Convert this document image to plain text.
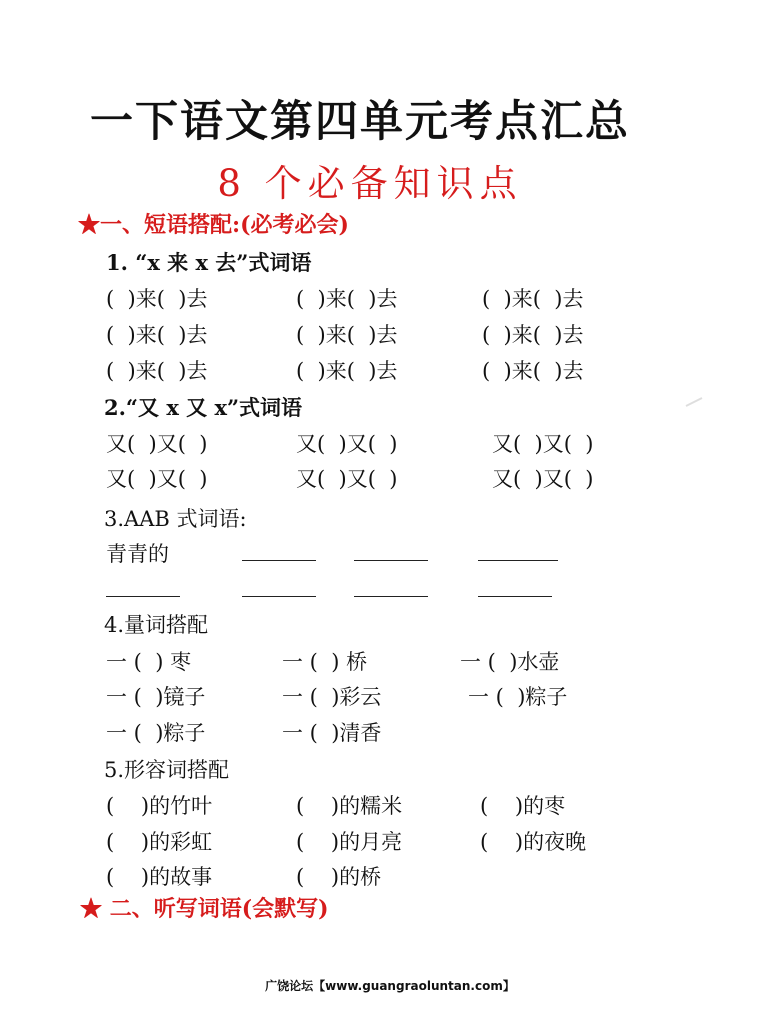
一下语文第四单元考点汇总
8 个必备知识点
★一、短语搭配:(必考必会)
1. “x 来 x 去”式词语
(  )来(  )去	(  )来(  )去	(  )来(  )去
(  )来(  )去	(  )来(  )去	(  )来(  )去
(  )来(  )去	(  )来(  )去	(  )来(  )去
2.“又 x 又 x”式词语
又(  )又(  )	又(  )又(  )	又(  )又(  )
又(  )又(  )	又(  )又(  )	又(  )又(  )
3.AAB 式词语:
青青的
4.量词搭配
一 (  ) 枣	一 (  ) 桥	一 (  )水壶
一 (  )镜子	一 (  )彩云	一 (  )粽子
一 (  )粽子	一 (  )清香
5.形容词搭配
(    )的竹叶	(    )的糯米	(    )的枣
(    )的彩虹	(    )的月亮	(    )的夜晚
(    )的故事	(    )的桥
★ 二、听写词语(会默写)
广饶论坛【www.guangraoluntan.com】
